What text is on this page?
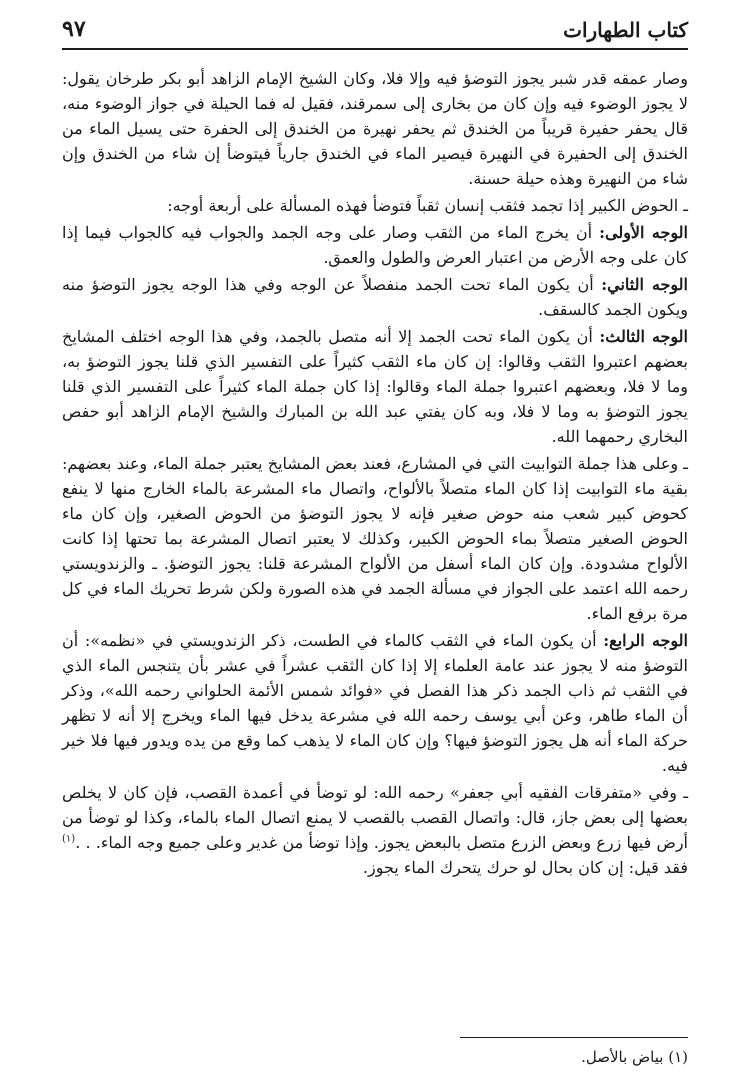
كتاب الطهارات
٩٧

وصار عمقه قدر شبر يجوز التوضؤ فيه وإلا فلا، وكان الشيخ الإمام الزاهد أبو بكر طرخان يقول: لا يجوز الوضوء فيه وإن كان من بخارى إلى سمرقند، فقيل له فما الحيلة في جواز الوضوء منه، قال يحفر حفيرة قريباً من الخندق ثم يحفر نهيرة من الخندق إلى الحفرة حتى يسيل الماء من الخندق إلى الحفيرة في النهيرة فيصير الماء في الخندق جارياً فيتوضأ إن شاء من الخندق وإن شاء من النهيرة وهذه حيلة حسنة.

ـ الحوض الكبير إذا تجمد فثقب إنسان ثقباً فتوضأ فهذه المسألة على أربعة أوجه:

الوجه الأولى: أن يخرج الماء من الثقب وصار على وجه الجمد والجواب فيه كالجواب فيما إذا كان على وجه الأرض من اعتبار العرض والطول والعمق.

الوجه الثاني: أن يكون الماء تحت الجمد منفصلاً عن الوجه وفي هذا الوجه يجوز التوضؤ منه ويكون الجمد كالسقف.

الوجه الثالث: أن يكون الماء تحت الجمد إلا أنه متصل بالجمد، وفي هذا الوجه اختلف المشايخ بعضهم اعتبروا الثقب وقالوا: إن كان ماء الثقب كثيراً على التفسير الذي قلنا يجوز التوضؤ به، وما لا فلا، وبعضهم اعتبروا جملة الماء وقالوا: إذا كان جملة الماء كثيراً على التفسير الذي قلنا يجوز التوضؤ به وما لا فلا، وبه كان يفتي عبد الله بن المبارك والشيخ الإمام الزاهد أبو حفص البخاري رحمهما الله.

ـ وعلى هذا جملة التوابيت التي في المشارع، فعند بعض المشايخ يعتبر جملة الماء، وعند بعضهم: بقية ماء التوابيت إذا كان الماء متصلاً بالألواح، واتصال ماء المشرعة بالماء الخارج منها لا ينفع كحوض كبير شعب منه حوض صغير فإنه لا يجوز التوضؤ من الحوض الصغير، وإن كان ماء الحوض الصغير متصلاً بماء الحوض الكبير، وكذلك لا يعتبر اتصال المشرعة بما تحتها إذا كانت الألواح مشدودة. وإن كان الماء أسفل من الألواح المشرعة قلنا: يجوز التوضؤ. ـ والزندويستي رحمه الله اعتمد على الجواز في مسألة الجمد في هذه الصورة ولكن شرط تحريك الماء في كل مرة برفع الماء.

الوجه الرابع: أن يكون الماء في الثقب كالماء في الطست، ذكر الزندويستي في «نظمه»: أن التوضؤ منه لا يجوز عند عامة العلماء إلا إذا كان الثقب عشراً في عشر بأن يتنجس الماء الذي في الثقب ثم ذاب الجمد ذكر هذا الفصل في «فوائد شمس الأئمة الحلواني رحمه الله»، وذكر أن الماء طاهر، وعن أبي يوسف رحمه الله في مشرعة يدخل فيها الماء ويخرج إلا أنه لا تظهر حركة الماء أنه هل يجوز التوضؤ فيها؟ وإن كان الماء لا يذهب كما وقع من يده ويدور فيها فلا خير فيه.

ـ وفي «متفرقات الفقيه أبي جعفر» رحمه الله: لو توضأ في أعمدة القصب، فإن كان لا يخلص بعضها إلى بعض جاز، قال: واتصال القصب بالقصب لا يمنع اتصال الماء بالماء، وكذا لو توضأ من أرض فيها زرع وبعض الزرع متصل بالبعض يجوز. وإذا توضأ من غدير وعلى جميع وجه الماء. . .$^{(١)}$ فقد قيل: إن كان بحال لو حرك يتحرك الماء يجوز.

(١) بياض بالأصل.
